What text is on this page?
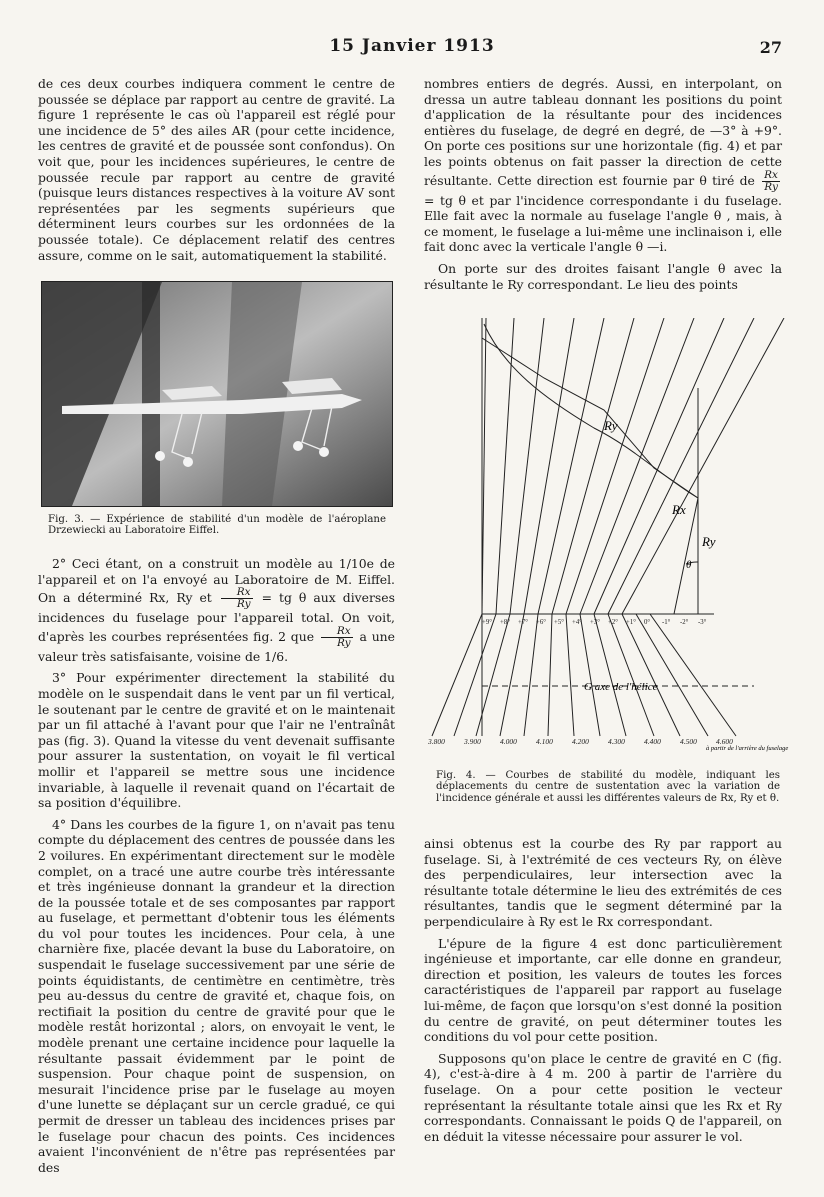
15 Janvier 1913	27

de ces deux courbes indiquera comment le centre de poussée se déplace par rapport au centre de gravité. La figure 1 représente le cas où l'appareil est réglé pour une incidence de 5° des ailes AR (pour cette incidence, les centres de gravité et de poussée sont confondus). On voit que, pour les incidences supérieures, le centre de poussée recule par rapport au centre de gravité (puisque leurs distances respectives à la voiture AV sont représentées par les segments supérieurs que déterminent leurs courbes sur les ordonnées de la poussée totale). Ce déplacement relatif des centres assure, comme on le sait, automatiquement la stabilité.

Fig. 3. — Expérience de stabilité d'un modèle de l'aéroplane Drzewiecki au Laboratoire Eiffel.

2° Ceci étant, on a construit un modèle au 1/10e de l'appareil et on l'a envoyé au Laboratoire de M. Eiffel. On a déterminé Rx, Ry et $\frac{Rx}{Ry}$ = tg θ aux diverses incidences du fuselage pour l'appareil total. On voit, d'après les courbes représentées fig. 2 que $\frac{Rx}{Ry}$ a une valeur très satisfaisante, voisine de 1/6.

3° Pour expérimenter directement la stabilité du modèle on le suspendait dans le vent par un fil vertical, le soutenant par le centre de gravité et on le maintenait par un fil attaché à l'avant pour que l'air ne l'entraînât pas (fig. 3). Quand la vitesse du vent devenait suffisante pour assurer la sustentation, on voyait le fil vertical mollir et l'appareil se mettre sous une incidence invariable, à laquelle il revenait quand on l'écartait de sa position d'équilibre.

4° Dans les courbes de la figure 1, on n'avait pas tenu compte du déplacement des centres de poussée dans les 2 voilures. En expérimentant directement sur le modèle complet, on a tracé une autre courbe très intéressante et très ingénieuse donnant la grandeur et la direction de la poussée totale et de ses composantes par rapport au fuselage, et permettant d'obtenir tous les éléments du vol pour toutes les incidences. Pour cela, à une charnière fixe, placée devant la buse du Laboratoire, on suspendait le fuselage successivement par une série de points équidistants, de centimètre en centimètre, très peu au-dessus du centre de gravité et, chaque fois, on rectifiait la position du centre de gravité pour que le modèle restât horizontal ; alors, on envoyait le vent, le modèle prenant une certaine incidence pour laquelle la résultante passait évidemment par le point de suspension. Pour chaque point de suspension, on mesurait l'incidence prise par le fuselage au moyen d'une lunette se déplaçant sur un cercle gradué, ce qui permit de dresser un tableau des incidences prises par le fuselage pour chacun des points. Ces incidences avaient l'inconvénient de n'être pas représentées par des

nombres entiers de degrés. Aussi, en interpolant, on dressa un autre tableau donnant les positions du point d'application de la résultante pour des incidences entières du fuselage, de degré en degré, de —3° à +9°. On porte ces positions sur une horizontale (fig. 4) et par les points obtenus on fait passer la direction de cette résultante. Cette direction est fournie par θ tiré de $\frac{Rx}{Ry}$
= tg θ et par l'incidence correspondante i du fuselage. Elle fait avec la normale au fuselage l'angle θ , mais, à ce moment, le fuselage a lui-même une inclinaison i, elle fait donc avec la verticale l'angle θ —i.

On porte sur des droites faisant l'angle θ avec la résultante le Ry correspondant. Le lieu des points

Ry
Rx
Ry
θ
G axe de l'hélice
+9° +8° +7° +6° +5° +4° +3° +2° +1° 0° -1° -2° -3°
3.800	3.900	4.000	4.100	4.200	4.300	4.400	4.500	4.600
à partir de l'arrière du fuselage
Fig. 4. — Courbes de stabilité du modèle, indiquant les déplacements du centre de sustentation avec la variation de l'incidence générale et aussi les différentes valeurs de Rx, Ry et θ.

ainsi obtenus est la courbe des Ry par rapport au fuselage. Si, à l'extrémité de ces vecteurs Ry, on élève des perpendiculaires, leur intersection avec la résultante totale détermine le lieu des extrémités de ces résultantes, tandis que le segment déterminé par la perpendiculaire à Ry est le Rx correspondant.

L'épure de la figure 4 est donc particulièrement ingénieuse et importante, car elle donne en grandeur, direction et position, les valeurs de toutes les forces caractéristiques de l'appareil par rapport au fuselage lui-même, de façon que lorsqu'on s'est donné la position du centre de gravité, on peut déterminer toutes les conditions du vol pour cette position.

Supposons qu'on place le centre de gravité en C (fig. 4), c'est-à-dire à 4 m. 200 à partir de l'arrière du fuselage. On a pour cette position le vecteur représentant la résultante totale ainsi que les Rx et Ry correspondants. Connaissant le poids Q de l'appareil, on en déduit la vitesse nécessaire pour assurer le vol.
